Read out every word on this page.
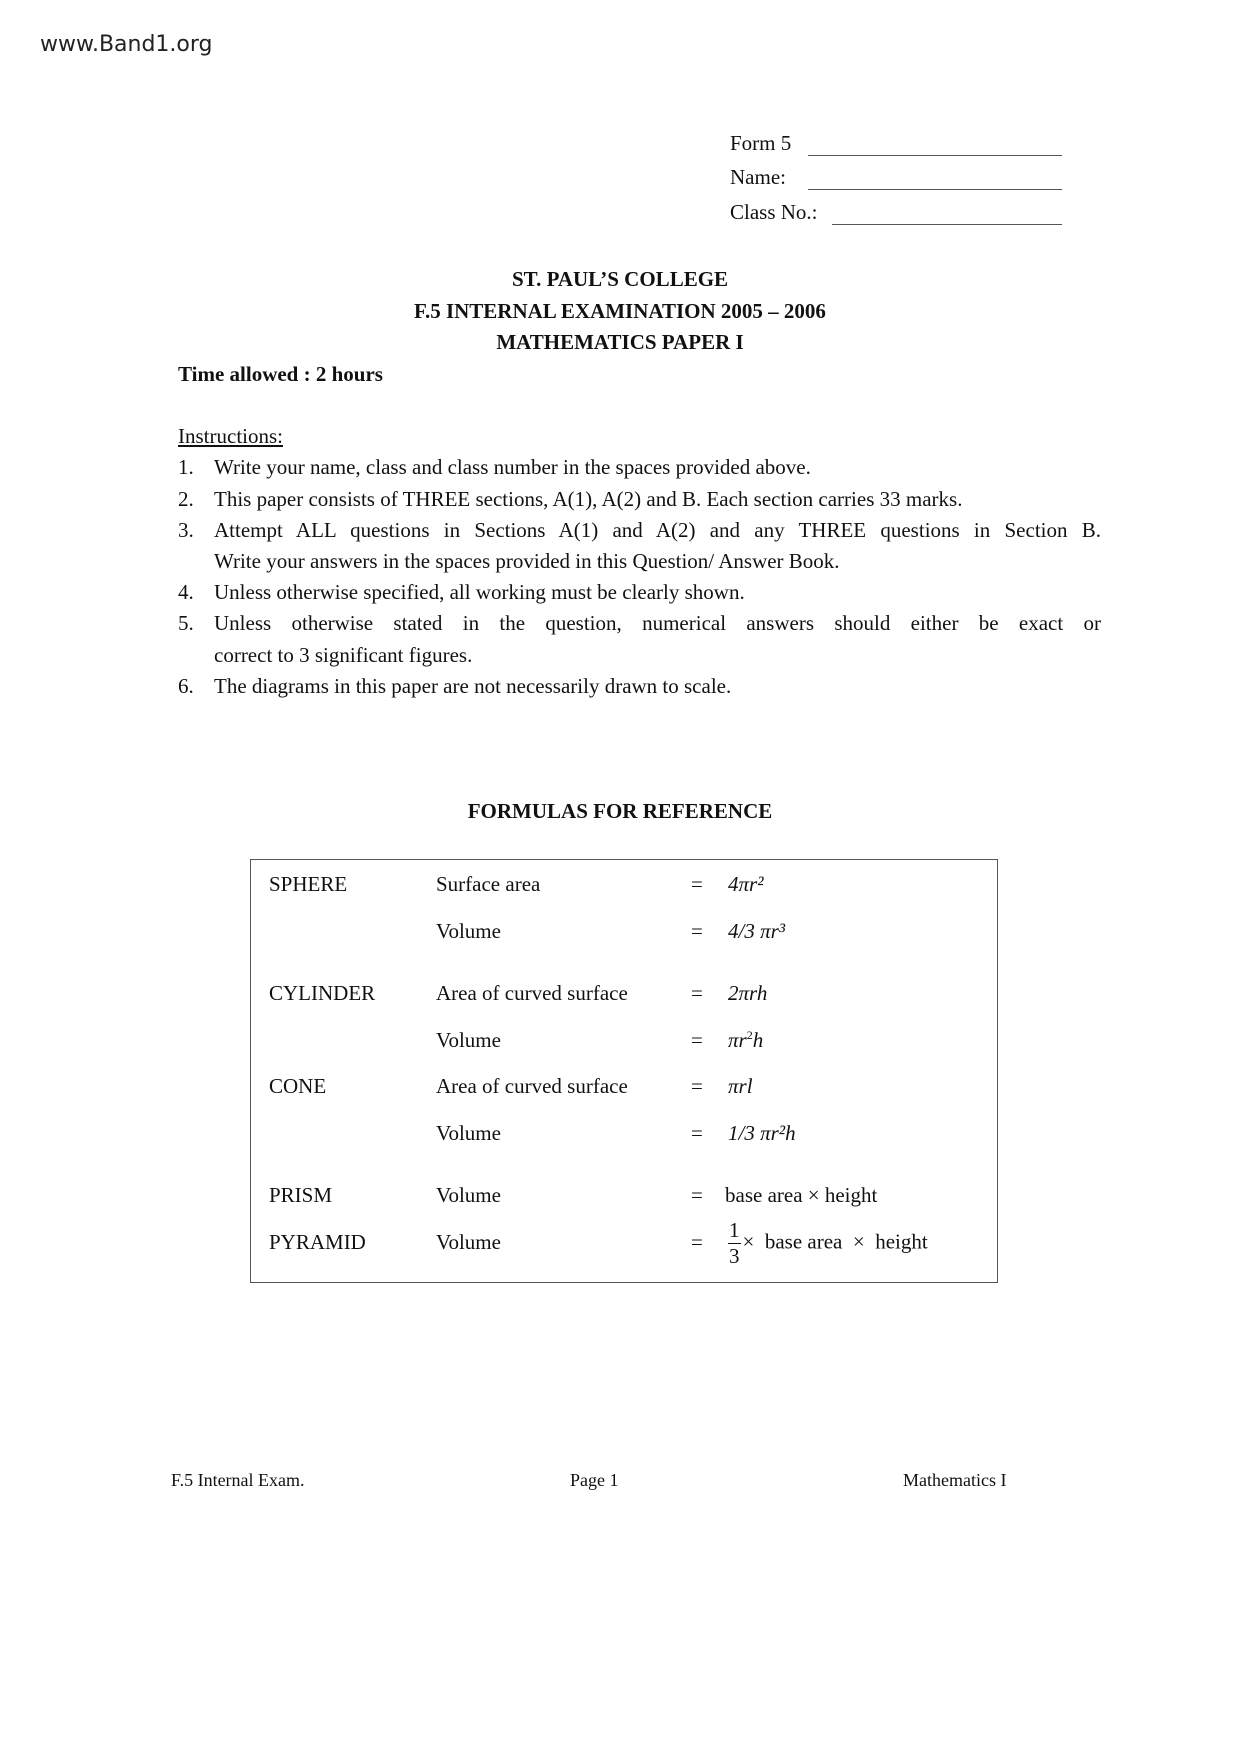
www.Band1.org
Form 5
Name:
Class No.:
ST. PAUL’S COLLEGE
F.5 INTERNAL EXAMINATION 2005 – 2006
MATHEMATICS PAPER I
Time allowed : 2 hours
Instructions:
1. Write your name, class and class number in the spaces provided above.
2. This paper consists of THREE sections, A(1), A(2) and B. Each section carries 33 marks.
3. Attempt ALL questions in Sections A(1) and A(2) and any THREE questions in Section B.
Write your answers in the spaces provided in this Question/ Answer Book.
4. Unless otherwise specified, all working must be clearly shown.
5. Unless otherwise stated in the question, numerical answers should either be exact or
correct to 3 significant figures.
6. The diagrams in this paper are not necessarily drawn to scale.
FORMULAS FOR REFERENCE
SPHERE	Surface area	= 4πr²
Volume	= 4/3 πr³
CYLINDER	Area of curved surface	= 2πrh
Volume	= $\pi r^2h$
CONE	Area of curved surface	= πrl
Volume	= 1/3 πr²h
PRISM	Volume	= base area × height
PYRAMID	Volume	= $\frac{1}{3}$ ×  base area  ×  height
F.5 Internal Exam.	Page 1	Mathematics I
